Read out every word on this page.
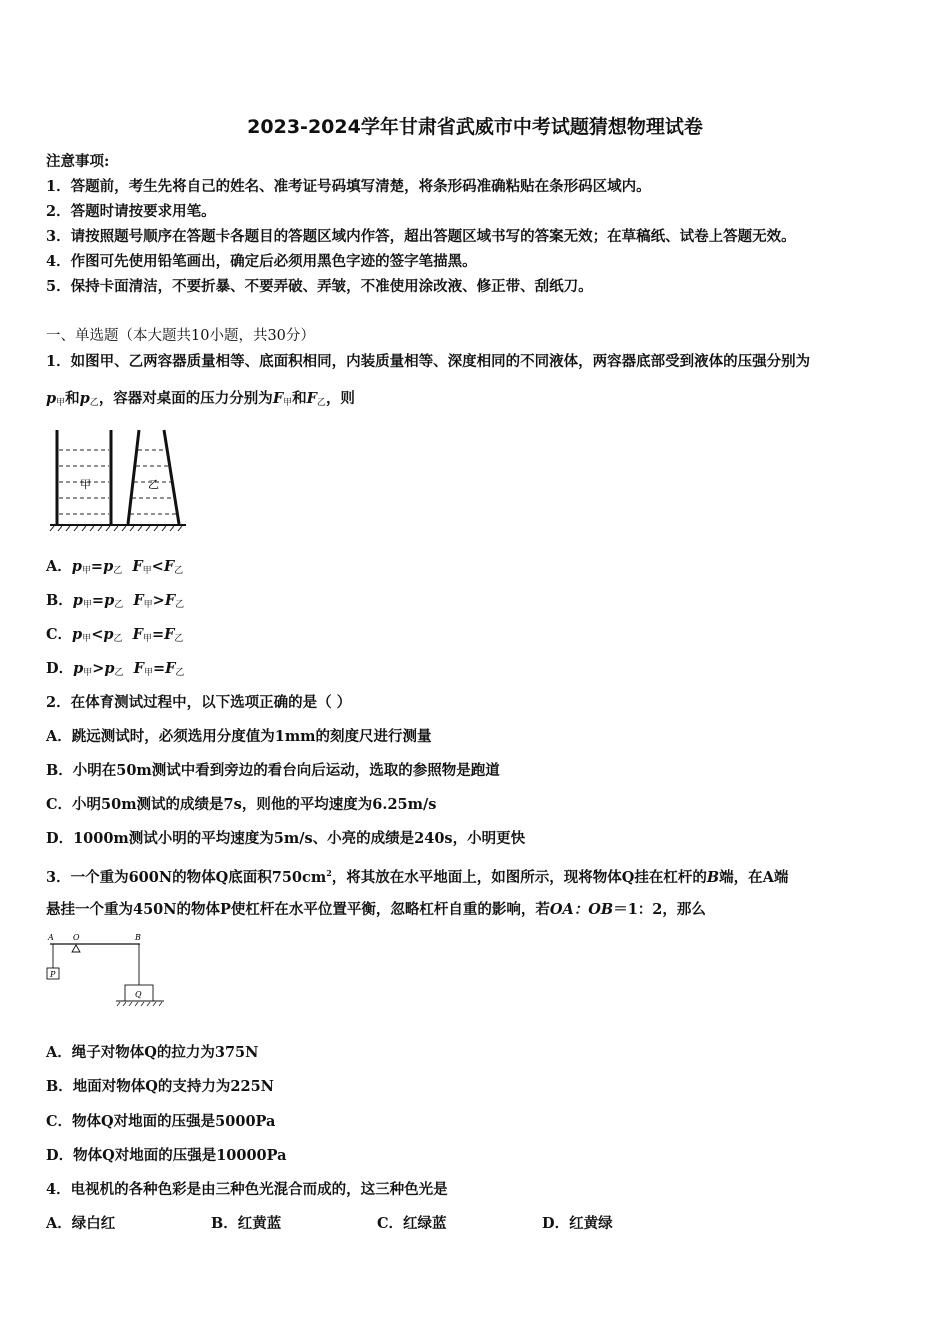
2023-2024学年甘肃省武威市中考试题猜想物理试卷
注意事项:
1．答题前，考生先将自己的姓名、准考证号码填写清楚，将条形码准确粘贴在条形码区域内。
2．答题时请按要求用笔。
3．请按照题号顺序在答题卡各题目的答题区域内作答，超出答题区域书写的答案无效；在草稿纸、试卷上答题无效。
4．作图可先使用铅笔画出，确定后必须用黑色字迹的签字笔描黑。
5．保持卡面清洁，不要折暴、不要弄破、弄皱，不准使用涂改液、修正带、刮纸刀。
一、单选题（本大题共10小题，共30分）
1．如图甲、乙两容器质量相等、底面积相同，内装质量相等、深度相同的不同液体，两容器底部受到液体的压强分别为
$p_甲$和$p_乙$，容器对桌面的压力分别为$F_甲$和$F_乙$，则
甲	乙
A．$p_甲=p_乙$ $F_甲<F_乙$
B．$p_甲=p_乙$ $F_甲>F_乙$
C．$p_甲<p_乙$ $F_甲=F_乙$
D．$p_甲>p_乙$ $F_甲=F_乙$
2．在体育测试过程中，以下选项正确的是（ ）
A．跳远测试时，必须选用分度值为1mm的刻度尺进行测量
B．小明在50m测试中看到旁边的看台向后运动，选取的参照物是跑道
C．小明50m测试的成绩是7s，则他的平均速度为6.25m/s
D．1000m测试小明的平均速度为5m/s、小亮的成绩是240s，小明更快
3．一个重为600N的物体Q底面积$750cm^2$，将其放在水平地面上，如图所示，现将物体Q挂在杠杆的B端，在A端
悬挂一个重为450N的物体P使杠杆在水平位置平衡，忽略杠杆自重的影响，若OA：OB＝1：2，那么
A O	B
P
Q
A．绳子对物体Q的拉力为375N
B．地面对物体Q的支持力为225N
C．物体Q对地面的压强是5000Pa
D．物体Q对地面的压强是10000Pa
4．电视机的各种色彩是由三种色光混合而成的，这三种色光是
A．绿白红	B．红黄蓝	C．红绿蓝	D．红黄绿
